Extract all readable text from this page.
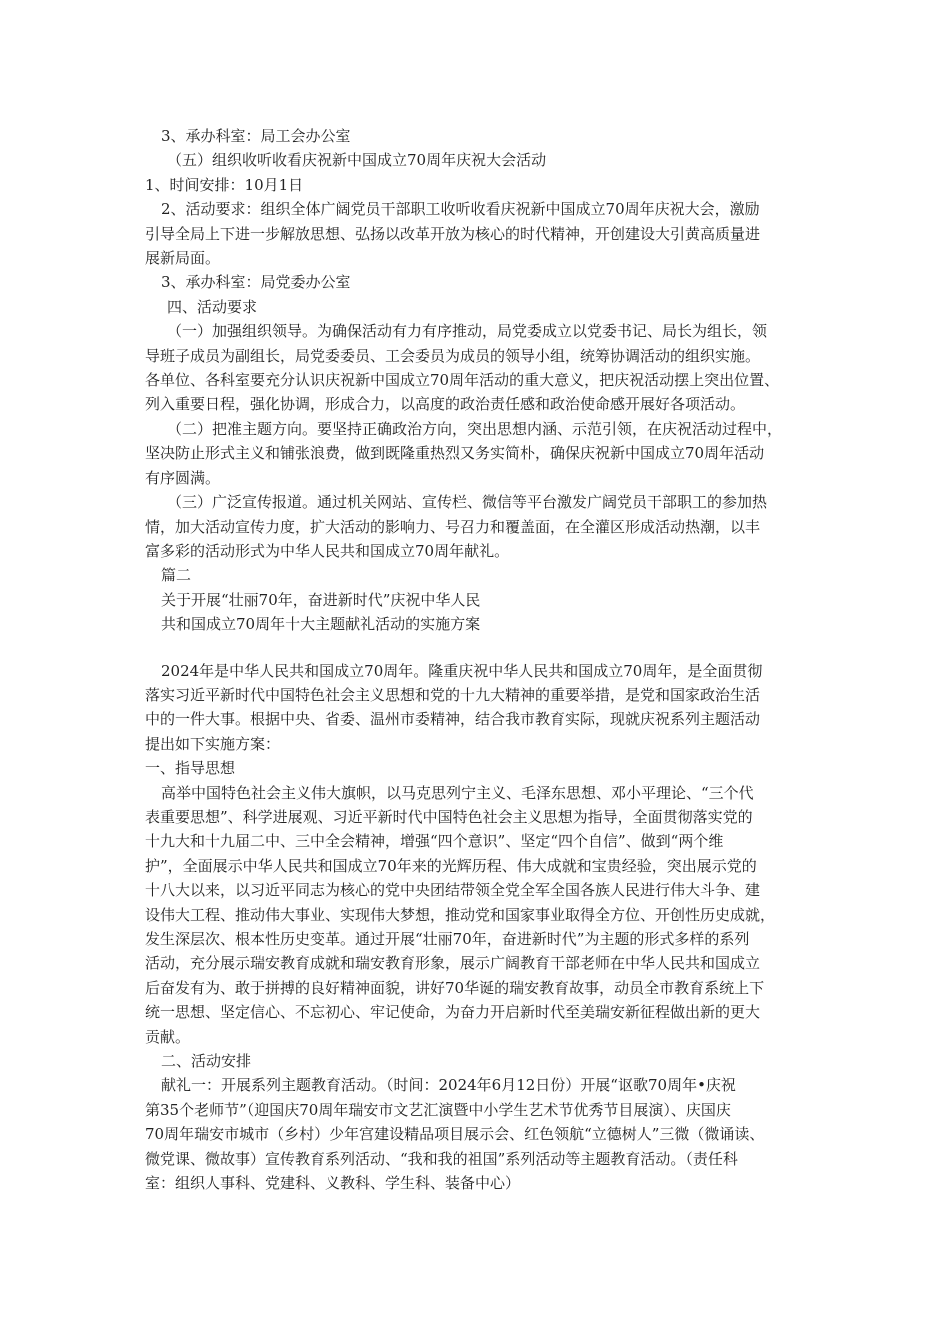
3、承办科室：局工会办公室

（五）组织收听收看庆祝新中国成立70周年庆祝大会活动

1、时间安排：10月1日

2、活动要求：组织全体广阔党员干部职工收听收看庆祝新中国成立70周年庆祝大会，激励

引导全局上下进一步解放思想、弘扬以改革开放为核心的时代精神，开创建设大引黄高质量进

展新局面。

3、承办科室：局党委办公室

四、活动要求

（一）加强组织领导。为确保活动有力有序推动，局党委成立以党委书记、局长为组长，领

导班子成员为副组长，局党委委员、工会委员为成员的领导小组，统筹协调活动的组织实施。

各单位、各科室要充分认识庆祝新中国成立70周年活动的重大意义，把庆祝活动摆上突出位置、

列入重要日程，强化协调，形成合力，以高度的政治责任感和政治使命感开展好各项活动。

（二）把准主题方向。要坚持正确政治方向，突出思想内涵、示范引领，在庆祝活动过程中，

坚决防止形式主义和铺张浪费，做到既隆重热烈又务实简朴，确保庆祝新中国成立70周年活动

有序圆满。

（三）广泛宣传报道。通过机关网站、宣传栏、微信等平台激发广阔党员干部职工的参加热

情，加大活动宣传力度，扩大活动的影响力、号召力和覆盖面，在全灌区形成活动热潮，以丰

富多彩的活动形式为中华人民共和国成立70周年献礼。

篇二

关于开展“壮丽70年，奋进新时代”庆祝中华人民

共和国成立70周年十大主题献礼活动的实施方案

2024年是中华人民共和国成立70周年。隆重庆祝中华人民共和国成立70周年，是全面贯彻

落实习近平新时代中国特色社会主义思想和党的十九大精神的重要举措，是党和国家政治生活

中的一件大事。根据中央、省委、温州市委精神，结合我市教育实际，现就庆祝系列主题活动

提出如下实施方案：

一、指导思想

高举中国特色社会主义伟大旗帜，以马克思列宁主义、毛泽东思想、邓小平理论、“三个代

表重要思想”、科学进展观、习近平新时代中国特色社会主义思想为指导，全面贯彻落实党的

十九大和十九届二中、三中全会精神，增强“四个意识”、坚定“四个自信”、做到“两个维

护”，全面展示中华人民共和国成立70年来的光辉历程、伟大成就和宝贵经验，突出展示党的

十八大以来，以习近平同志为核心的党中央团结带领全党全军全国各族人民进行伟大斗争、建

设伟大工程、推动伟大事业、实现伟大梦想，推动党和国家事业取得全方位、开创性历史成就，

发生深层次、根本性历史变革。通过开展“壮丽70年，奋进新时代”为主题的形式多样的系列

活动，充分展示瑞安教育成就和瑞安教育形象，展示广阔教育干部老师在中华人民共和国成立

后奋发有为、敢于拼搏的良好精神面貌，讲好70华诞的瑞安教育故事，动员全市教育系统上下

统一思想、坚定信心、不忘初心、牢记使命，为奋力开启新时代至美瑞安新征程做出新的更大

贡献。

二、活动安排

献礼一：开展系列主题教育活动。（时间：2024年6月12日份）开展“讴歌70周年•庆祝

第35个老师节”（迎国庆70周年瑞安市文艺汇演暨中小学生艺术节优秀节目展演）、庆国庆

70周年瑞安市城市（乡村）少年宫建设精品项目展示会、红色领航“立德树人”三微（微诵读、

微党课、微故事）宣传教育系列活动、“我和我的祖国”系列活动等主题教育活动。（责任科

室：组织人事科、党建科、义教科、学生科、装备中心）
